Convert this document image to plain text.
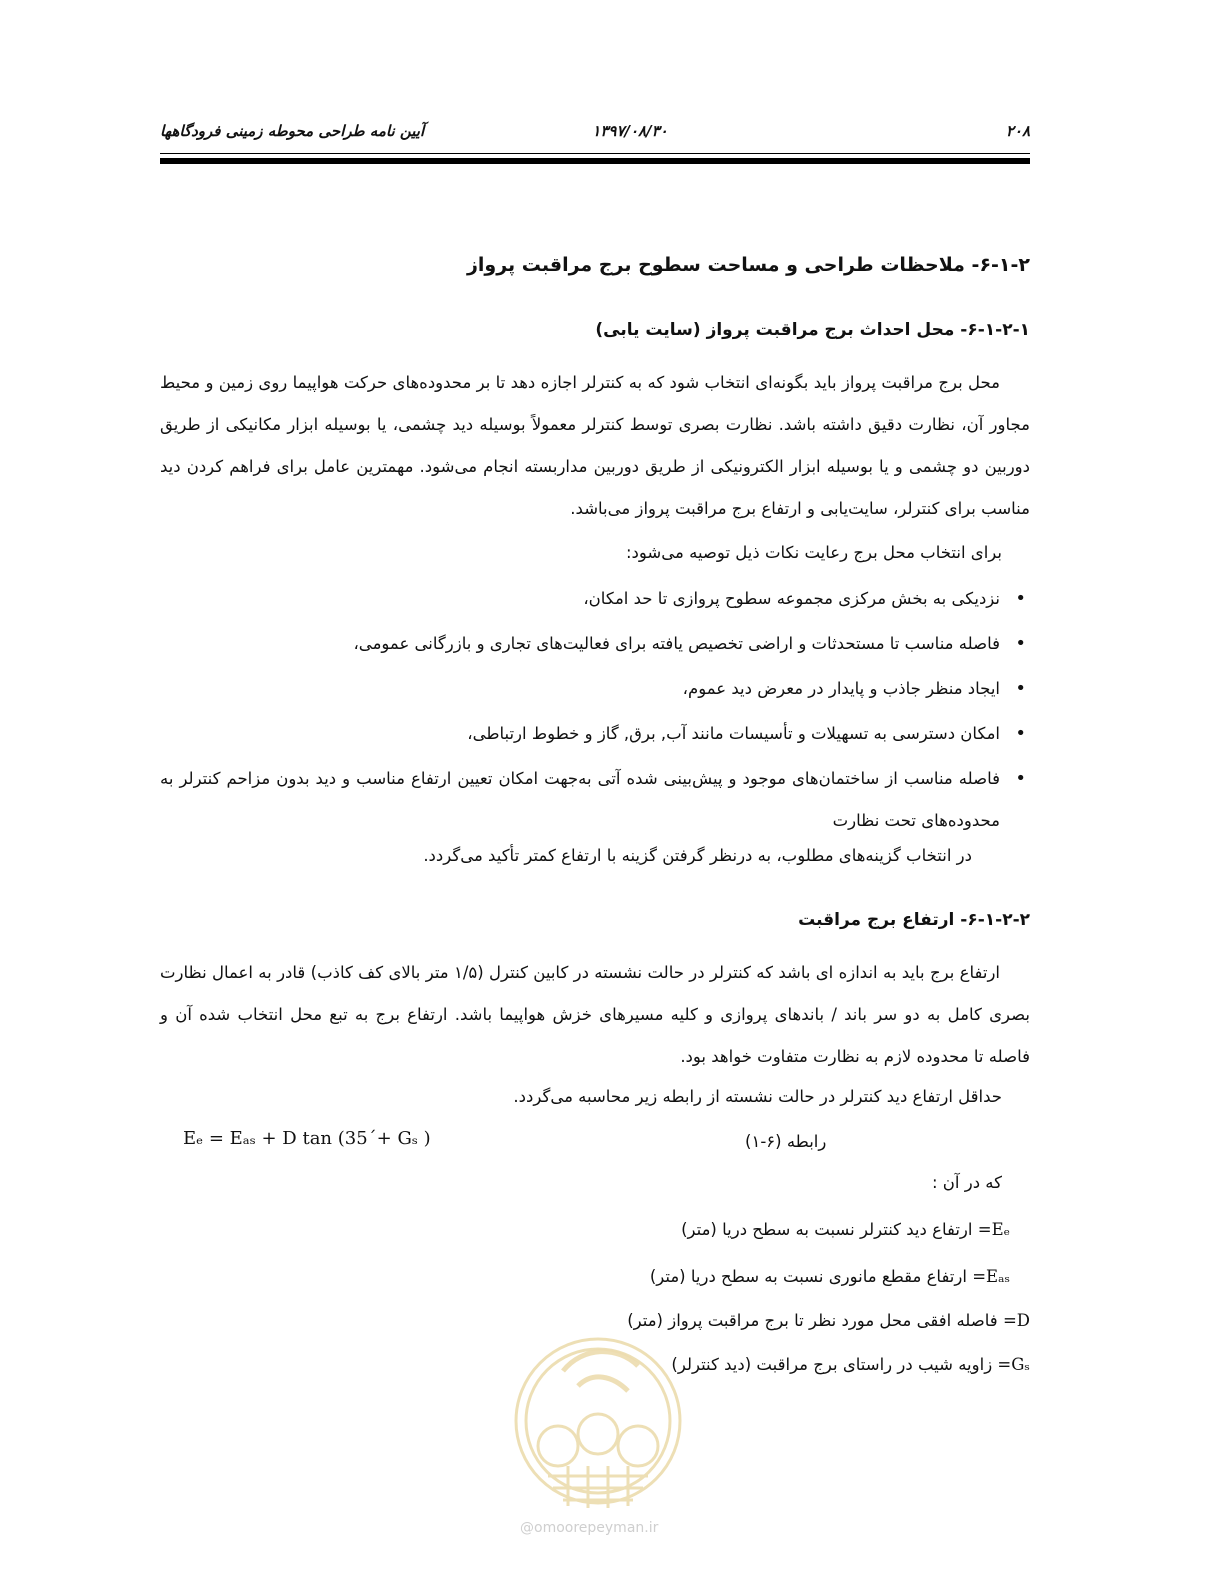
۲۰۸
۱۳۹۷/۰۸/۳۰
آیین نامه طراحی محوطه زمینی فرودگاهها
۶-۱-۲- ملاحظات طراحی و مساحت سطوح برج مراقبت پرواز
۶-۱-۲-۱- محل احداث برج مراقبت پرواز (سایت یابی)
محل برج مراقبت پرواز باید بگونه‌ای انتخاب شود که به کنترلر اجازه دهد تا بر محدوده‌های حرکت هواپیما روی زمین و محیط مجاور آن، نظارت دقیق داشته باشد. نظارت بصری توسط کنترلر معمولاً بوسیله دید چشمی، یا بوسیله ابزار مکانیکی از طریق دوربین دو چشمی و یا بوسیله ابزار الکترونیکی از طریق دوربین مداربسته انجام می‌شود. مهمترین عامل برای فراهم کردن دید مناسب برای کنترلر، سایت‌یابی و ارتفاع برج مراقبت پرواز می‌باشد.
برای انتخاب محل برج رعایت نکات ذیل توصیه می‌شود:
• نزدیکی به بخش مرکزی مجموعه سطوح پروازی تا حد امکان،
• فاصله مناسب تا مستحدثات و اراضی تخصیص یافته برای فعالیت‌های تجاری و بازرگانی عمومی،
• ایجاد منظر جاذب و پایدار در معرض دید عموم،
• امکان دسترسی به تسهیلات و تأسیسات مانند آب, برق, گاز و خطوط ارتباطی،
• فاصله مناسب از ساختمان‌های موجود و پیش‌بینی شده آتی به‌جهت امکان تعیین ارتفاع مناسب و دید بدون مزاحم کنترلر به محدوده‌های تحت نظارت
در انتخاب گزینه‌های مطلوب، به درنظر گرفتن گزینه با ارتفاع کمتر تأکید می‌گردد.
۶-۱-۲-۲- ارتفاع برج مراقبت
ارتفاع برج باید به اندازه ای باشد که کنترلر در حالت نشسته در کابین کنترل (۱/۵ متر بالای کف کاذب) قادر به اعمال نظارت بصری کامل به دو سر باند / باندهای پروازی و کلیه مسیرهای خزش هواپیما باشد. ارتفاع برج به تبع محل انتخاب شده آن و فاصله تا محدوده لازم به نظارت متفاوت خواهد بود.
حداقل ارتفاع دید کنترلر در حالت نشسته از رابطه زیر محاسبه می‌گردد.
Eₑ = Eₐₛ + D tan (35´+ Gₛ )	رابطه (۶-۱)
که در آن :
Eₑ= ارتفاع دید کنترلر نسبت به سطح دریا (متر)
Eₐₛ= ارتفاع مقطع مانوری نسبت به سطح دریا (متر)
D= فاصله افقی محل مورد نظر تا برج مراقبت پرواز (متر)
Gₛ= زاویه شیب در راستای برج مراقبت (دید کنترلر)
@omoorepeyman.ir
